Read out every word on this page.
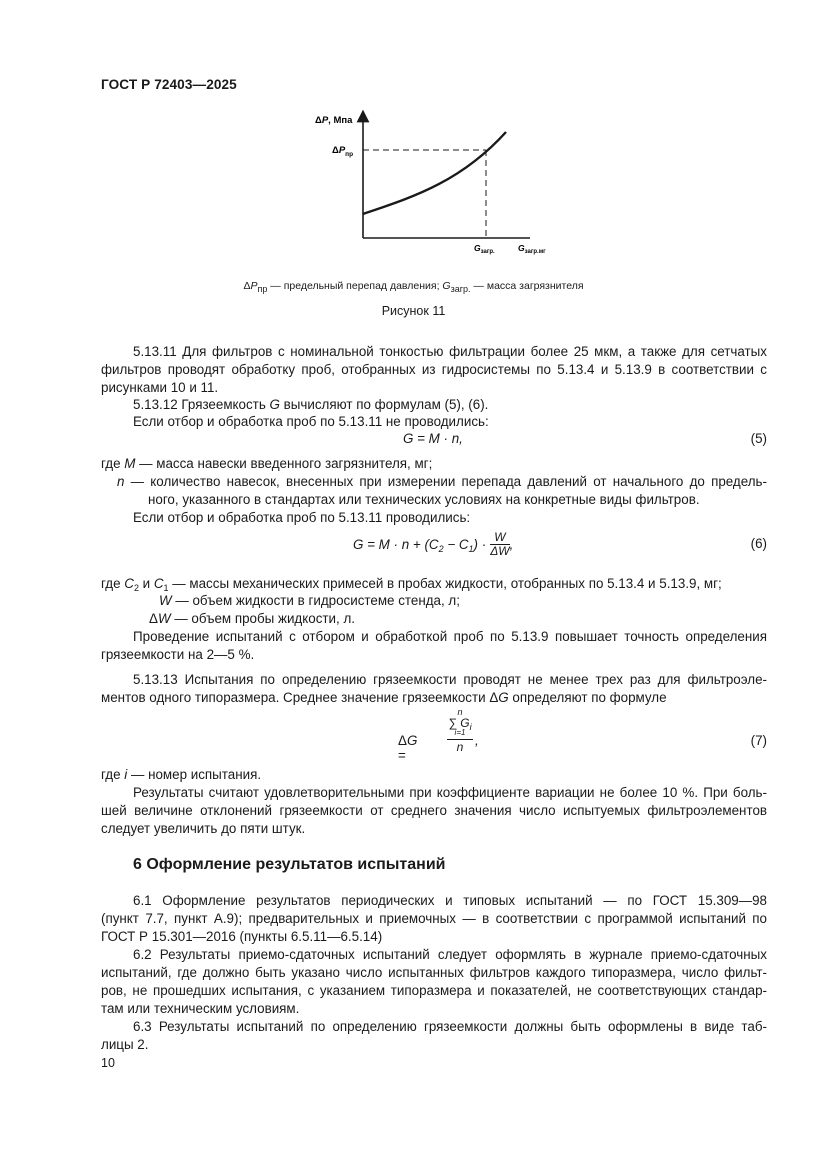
ГОСТ Р 72403—2025
ΔP, Мпа
$\Delta P_{пр}$
$G_{загр.}$	$G_{загр.мг}$
$\Delta P_{пр}$ — предельный перепад давления; $G_{загр.}$ — масса загрязнителя
Рисунок 11
5.13.11 Для фильтров с номинальной тонкостью фильтрации более 25 мкм, а также для сетчатых
фильтров проводят обработку проб, отобранных из гидросистемы по 5.13.4 и 5.13.9 в соответствии с
рисунками 10 и 11.
5.13.12 Грязеемкость G вычисляют по формулам (5), (6).
Если отбор и обработка проб по 5.13.11 не проводились:
G = M · n,	(5)
где M — масса навески введенного загрязнителя, мг;
n — количество навесок, внесенных при измерении перепада давлений от начального до предель-
ного, указанного в стандартах или технических условиях на конкретные виды фильтров.
Если отбор и обработка проб по 5.13.11 проводились:
$G = M \cdot n + (C_2 - C_1) \cdot \frac{W}{\Delta W}$ ,	(6)
где $C_2$ и $C_1$ — массы механических примесей в пробах жидкости, отобранных по 5.13.4 и 5.13.9, мг;
W — объем жидкости в гидросистеме стенда, л;
ΔW — объем пробы жидкости, л.
Проведение испытаний с отбором и обработкой проб по 5.13.9 повышает точность определения
грязеемкости на 2—5 %.
5.13.13 Испытания по определению грязеемкости проводят не менее трех раз для фильтроэле-
ментов одного типоразмера. Среднее значение грязеемкости ΔG определяют по формуле
ΔG =
n
∑ $G_i$
i=1
n ,	(7)
где i — номер испытания.
Результаты считают удовлетворительными при коэффициенте вариации не более 10 %. При боль-
шей величине отклонений грязеемкости от среднего значения число испытуемых фильтроэлементов
следует увеличить до пяти штук.
6 Оформление результатов испытаний
6.1 Оформление результатов периодических и типовых испытаний — по ГОСТ 15.309—98
(пункт 7.7, пункт А.9); предварительных и приемочных — в соответствии с программой испытаний по
ГОСТ Р 15.301—2016 (пункты 6.5.11—6.5.14)
6.2 Результаты приемо-сдаточных испытаний следует оформлять в журнале приемо-сдаточных
испытаний, где должно быть указано число испытанных фильтров каждого типоразмера, число фильт-
ров, не прошедших испытания, с указанием типоразмера и показателей, не соответствующих стандар-
там или техническим условиям.
6.3 Результаты испытаний по определению грязеемкости должны быть оформлены в виде таб-
лицы 2.
10
